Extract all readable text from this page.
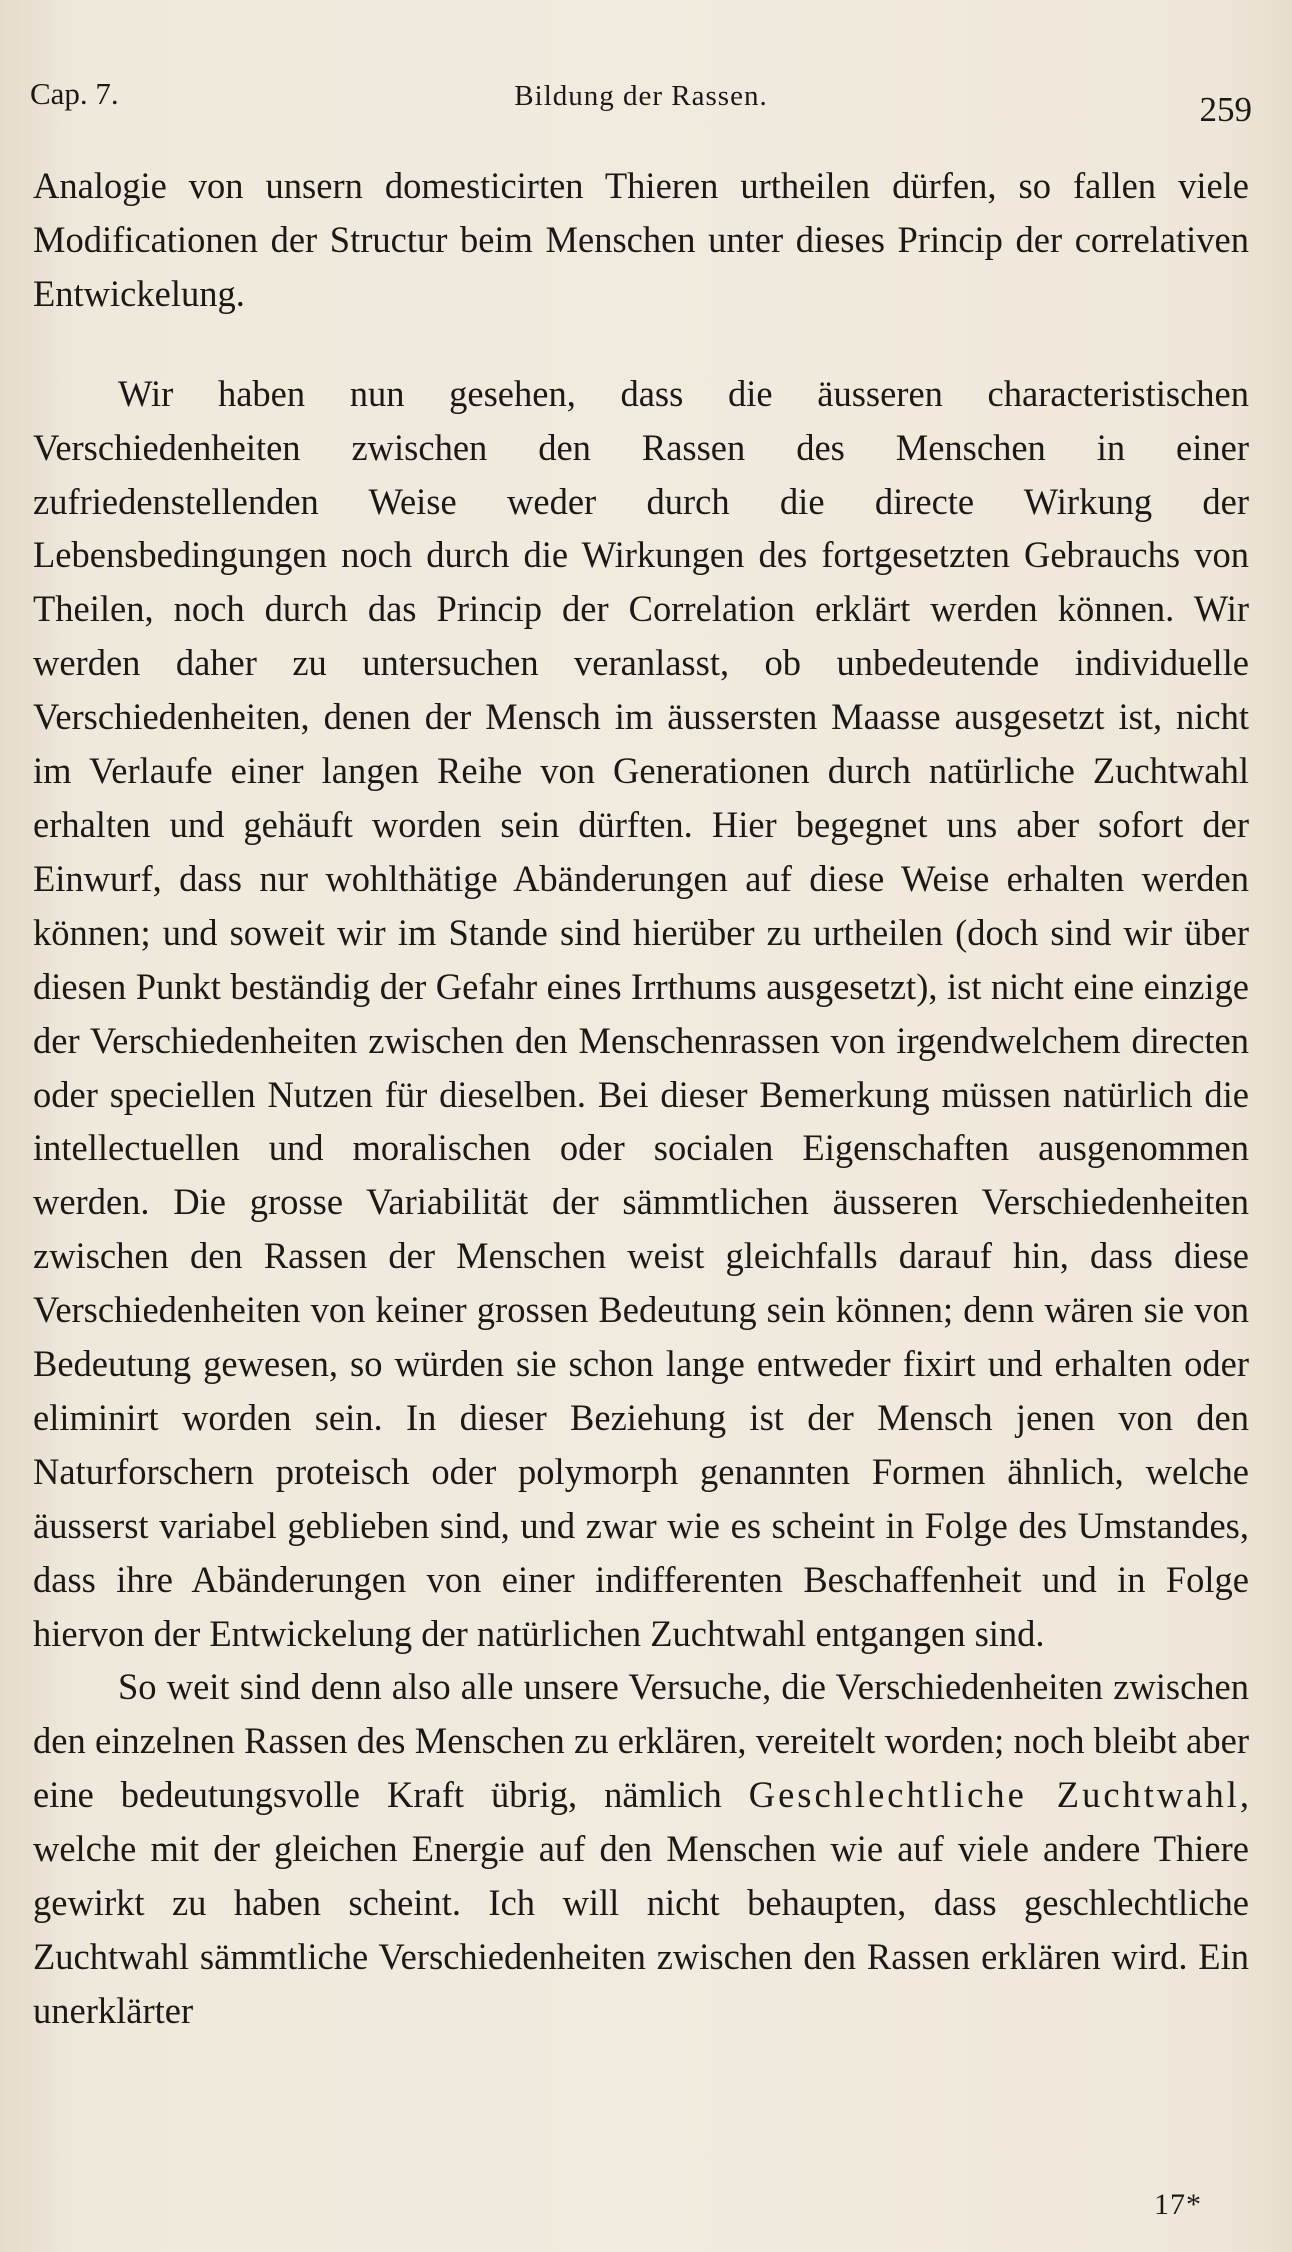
Cap. 7.	Bildung der Rassen.	259

Analogie von unsern domesticirten Thieren urtheilen dürfen, so fallen viele Modificationen der Structur beim Menschen unter dieses Princip der correlativen Entwickelung.

Wir haben nun gesehen, dass die äusseren characteristischen Verschiedenheiten zwischen den Rassen des Menschen in einer zufriedenstellenden Weise weder durch die directe Wirkung der Lebensbedingungen noch durch die Wirkungen des fortgesetzten Gebrauchs von Theilen, noch durch das Princip der Correlation erklärt werden können. Wir werden daher zu untersuchen veranlasst, ob unbedeutende individuelle Verschiedenheiten, denen der Mensch im äussersten Maasse ausgesetzt ist, nicht im Verlaufe einer langen Reihe von Generationen durch natürliche Zuchtwahl erhalten und gehäuft worden sein dürften. Hier begegnet uns aber sofort der Einwurf, dass nur wohlthätige Abänderungen auf diese Weise erhalten werden können; und soweit wir im Stande sind hierüber zu urtheilen (doch sind wir über diesen Punkt beständig der Gefahr eines Irrthums ausgesetzt), ist nicht eine einzige der Verschiedenheiten zwischen den Menschenrassen von irgendwelchem directen oder speciellen Nutzen für dieselben. Bei dieser Bemerkung müssen natürlich die intellectuellen und moralischen oder socialen Eigenschaften ausgenommen werden. Die grosse Variabilität der sämmtlichen äusseren Verschiedenheiten zwischen den Rassen der Menschen weist gleichfalls darauf hin, dass diese Verschiedenheiten von keiner grossen Bedeutung sein können; denn wären sie von Bedeutung gewesen, so würden sie schon lange entweder fixirt und erhalten oder eliminirt worden sein. In dieser Beziehung ist der Mensch jenen von den Naturforschern proteisch oder polymorph genannten Formen ähnlich, welche äusserst variabel geblieben sind, und zwar wie es scheint in Folge des Umstandes, dass ihre Abänderungen von einer indifferenten Beschaffenheit und in Folge hiervon der Entwickelung der natürlichen Zuchtwahl entgangen sind.

So weit sind denn also alle unsere Versuche, die Verschiedenheiten zwischen den einzelnen Rassen des Menschen zu erklären, vereitelt worden; noch bleibt aber eine bedeutungsvolle Kraft übrig, nämlich Geschlechtliche Zuchtwahl, welche mit der gleichen Energie auf den Menschen wie auf viele andere Thiere gewirkt zu haben scheint. Ich will nicht behaupten, dass geschlechtliche Zuchtwahl sämmtliche Verschiedenheiten zwischen den Rassen erklären wird. Ein unerklärter

17*
